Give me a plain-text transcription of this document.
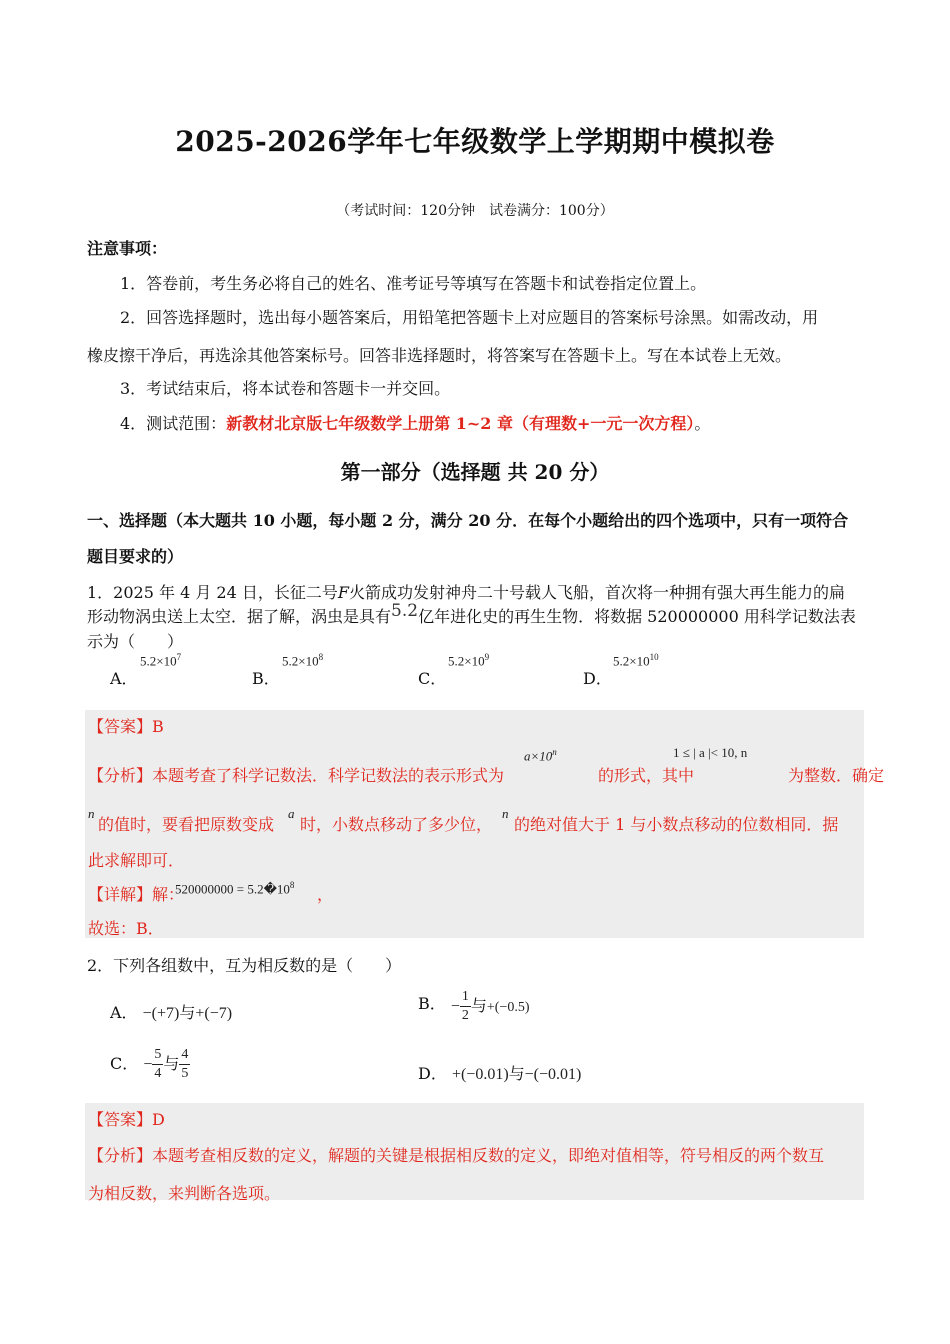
2025-2026学年七年级数学上学期期中模拟卷
（考试时间：120分钟　试卷满分：100分）
注意事项：
1．答卷前，考生务必将自己的姓名、准考证号等填写在答题卡和试卷指定位置上。
2．回答选择题时，选出每小题答案后，用铅笔把答题卡上对应题目的答案标号涂黑。如需改动，用
橡皮擦干净后，再选涂其他答案标号。回答非选择题时，将答案写在答题卡上。写在本试卷上无效。
3．考试结束后，将本试卷和答题卡一并交回。
4．测试范围：新教材北京版七年级数学上册第 1~2 章（有理数+一元一次方程）。
第一部分（选择题 共 20 分）
一、选择题（本大题共 10 小题，每小题 2 分，满分 20 分．在每个小题给出的四个选项中，只有一项符合
题目要求的）
1．2025 年 4 月 24 日，长征二号F火箭成功发射神舟二十号载人飞船，首次将一种拥有强大再生能力的扁
形动物涡虫送上太空．据了解，涡虫是具有5.2亿年进化史的再生生物．将数据 520000000 用科学记数法表
示为（　　）
A．
$5.2\times 10^7$
B．
$5.2\times 10^8$
C．
$5.2\times 10^9$
D．
$5.2\times 10^{10}$
【答案】B
【分析】本题考查了科学记数法．科学记数法的表示形式为
$a\times 10^n$
的形式，其中
1 ≤ | a |< 10, n
为整数．确定
n
的值时，要看把原数变成
a
时，小数点移动了多少位，
n
的绝对值大于 1 与小数点移动的位数相同．据
此求解即可．
【详解】解：
$520000000 = 5.2�10^8$ ，
故选：B．
2．下列各组数中，互为相反数的是（　　）
A． −(+7)与+(−7)
B． − $\frac{1}{2}$ 与+(−0.5)
C． − $\frac{5}{4}$ 与 $\frac{4}{5}$	D． +(−0.01)与−(−0.01)
【答案】D
【分析】本题考查相反数的定义，解题的关键是根据相反数的定义，即绝对值相等，符号相反的两个数互
为相反数，来判断各选项。
